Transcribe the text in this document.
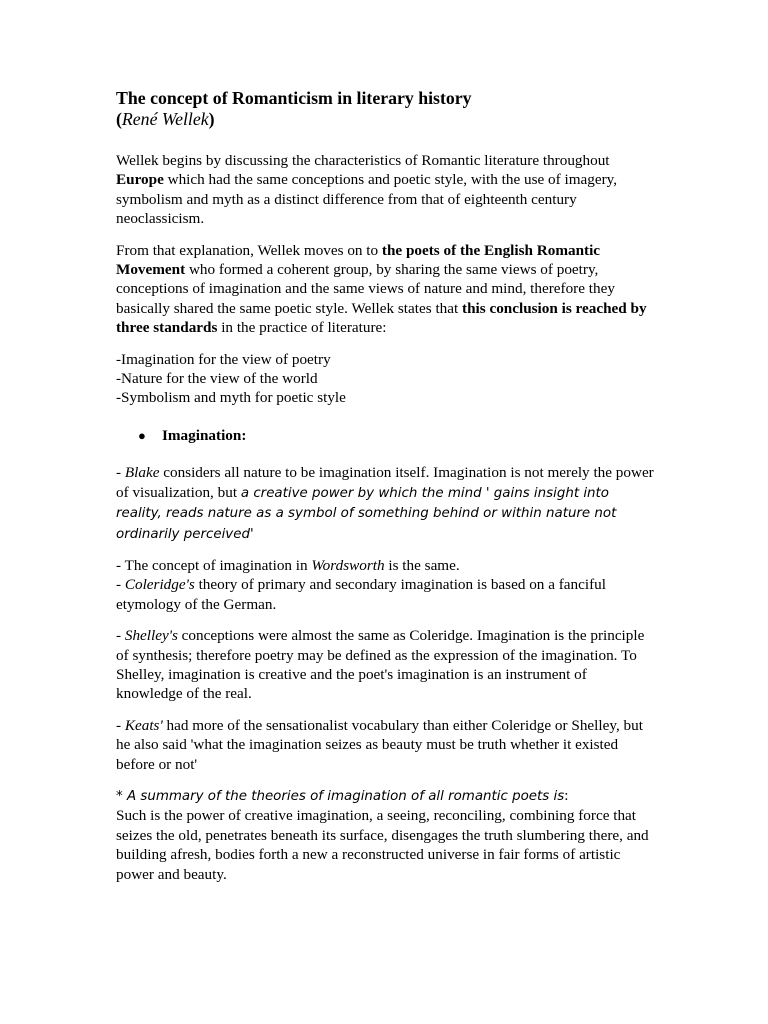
The concept of Romanticism in literary history
(René Wellek)

Wellek begins by discussing the characteristics of Romantic literature throughout Europe which had the same conceptions and poetic style, with the use of imagery, symbolism and myth as a distinct difference from that of eighteenth century neoclassicism.

From that explanation, Wellek moves on to the poets of the English Romantic Movement who formed a coherent group, by sharing the same views of poetry, conceptions of imagination and the same views of nature and mind, therefore they basically shared the same poetic style. Wellek states that this conclusion is reached by three standards in the practice of literature:

-Imagination for the view of poetry
-Nature for the view of the world
-Symbolism and myth for poetic style

●	Imagination:

- Blake considers all nature to be imagination itself. Imagination is not merely the power of visualization, but a creative power by which the mind ' gains insight into reality, reads nature as a symbol of something behind or within nature not ordinarily perceived'

- The concept of imagination in Wordsworth is the same.
- Coleridge's theory of primary and secondary imagination is based on a fanciful etymology of the German.

- Shelley's conceptions were almost the same as Coleridge. Imagination is the principle of synthesis; therefore poetry may be defined as the expression of the imagination. To Shelley, imagination is creative and the poet's imagination is an instrument of knowledge of the real.

- Keats' had more of the sensationalist vocabulary than either Coleridge or Shelley, but he also said 'what the imagination seizes as beauty must be truth whether it existed before or not'

* A summary of the theories of imagination of all romantic poets is:
Such is the power of creative imagination, a seeing, reconciling, combining force that seizes the old, penetrates beneath its surface, disengages the truth slumbering there, and building afresh, bodies forth a new a reconstructed universe in fair forms of artistic power and beauty.
